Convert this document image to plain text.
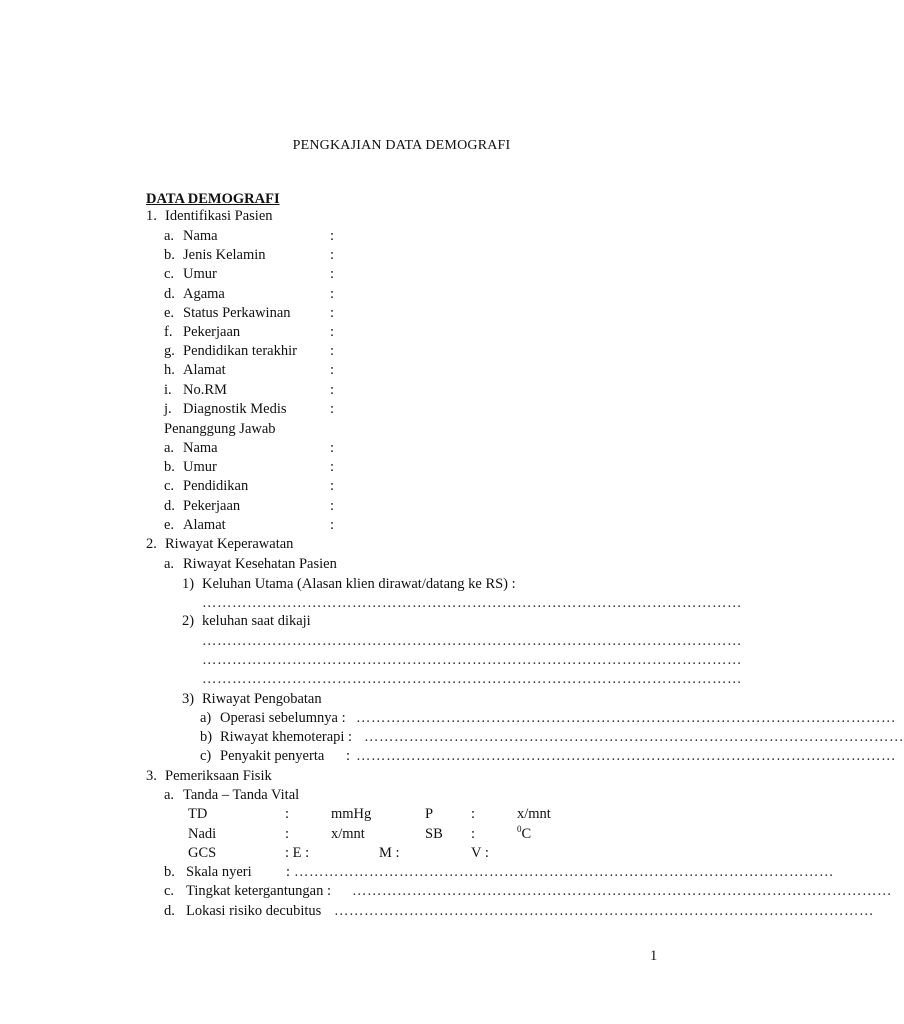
PENGKAJIAN DATA DEMOGRAFI
DATA DEMOGRAFI
1. Identifikasi Pasien
a. Nama	:
b. Jenis Kelamin	:
c. Umur	:
d. Agama	:
e. Status Perkawinan	:
f. Pekerjaan	:
g. Pendidikan terakhir :
h. Alamat	:
i. No.RM	:
j. Diagnostik Medis	:
Penanggung Jawab
a. Nama	:
b. Umur	:
c. Pendidikan	:
d. Pekerjaan	:
e. Alamat	:
2. Riwayat Keperawatan
a. Riwayat Kesehatan Pasien
1) Keluhan Utama (Alasan klien dirawat/datang ke RS) :
………………………………………………………………………………………………
2) keluhan saat dikaji
………………………………………………………………………………………………
………………………………………………………………………………………………
………………………………………………………………………………………………
3) Riwayat Pengobatan
a) Operasi sebelumnya : ………………………………………………………………………………………………
b) Riwayat khemoterapi : ………………………………………………………………………………………………
c) Penyakit penyerta : ………………………………………………………………………………………………
3. Pemeriksaan Fisik
a. Tanda – Tanda Vital
TD	:	mmHg	P	:	x/mnt
Nadi	:	x/mnt	SB :	$^0$C
GCS	: E :	M :	V :
b. Skala nyeri : ………………………………………………………………………………………………
c. Tingkat ketergantungan : ………………………………………………………………………………………………
d. Lokasi risiko decubitus ………………………………………………………………………………………………
1
